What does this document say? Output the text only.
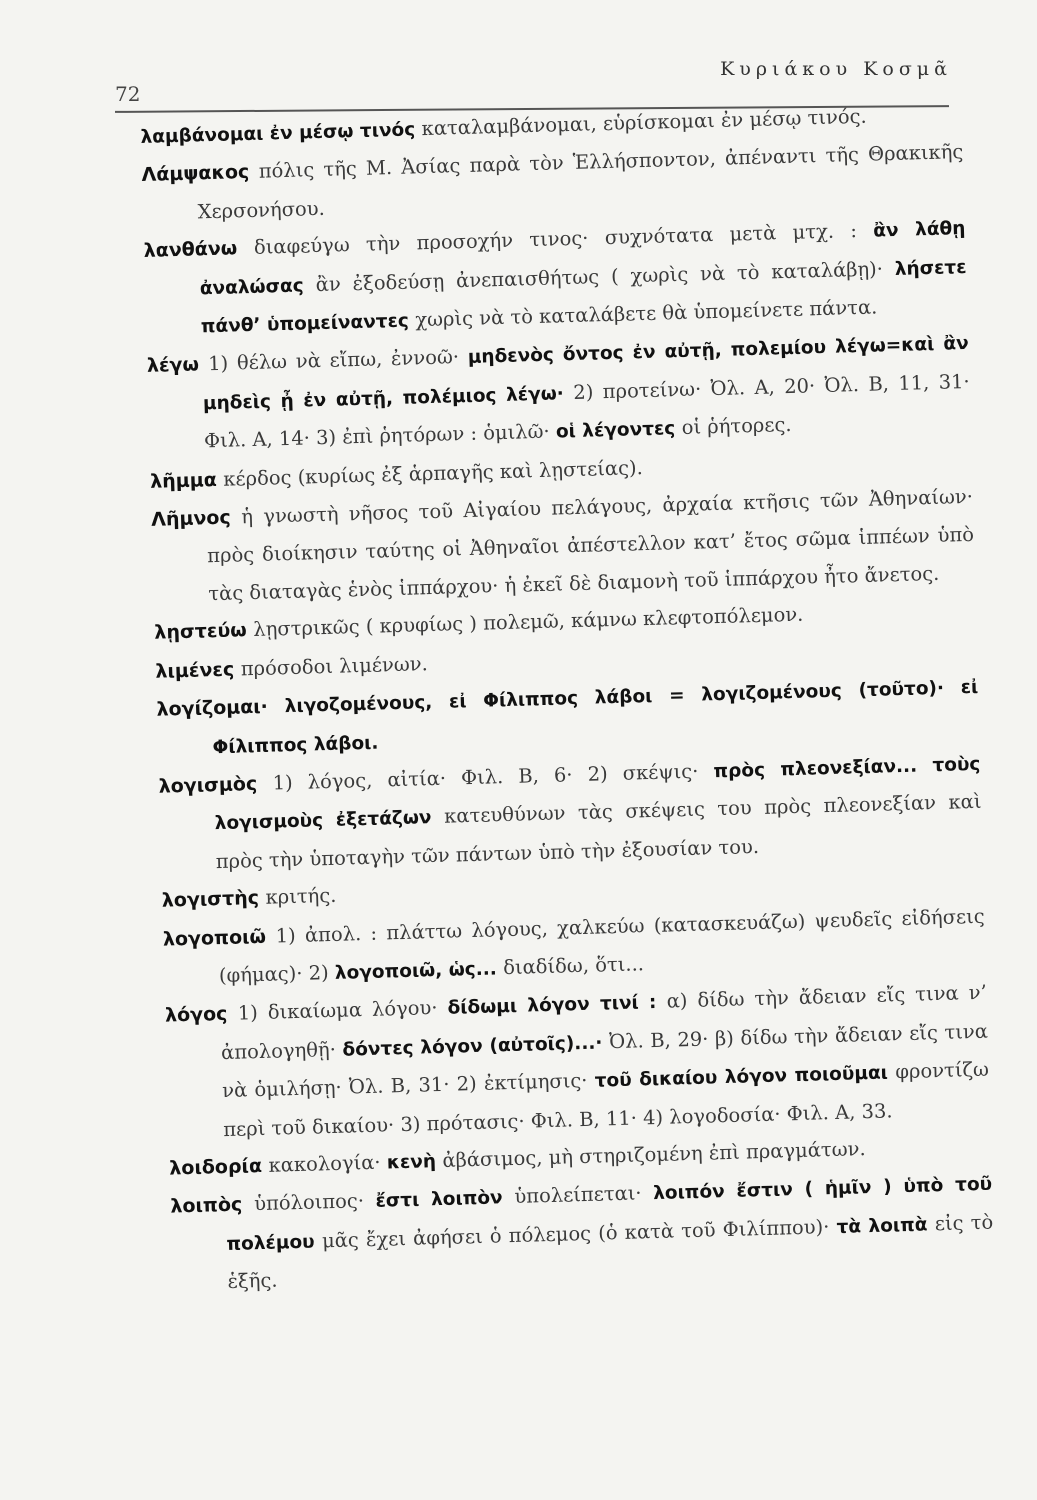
72
Κυριάκου Κοσμᾶ

λαμβάνομαι ἐν μέσῳ τινός καταλαμβάνομαι, εὑρίσκομαι ἐν μέσῳ τινός.

Λάμψακος πόλις τῆς Μ. Ἀσίας παρὰ τὸν Ἑλλήσποντον, ἀπέναντι τῆς Θρακικῆς Χερσονήσου.

λανθάνω διαφεύγω τὴν προσοχήν τινος· συχνότατα μετὰ μτχ. : ἂν λάθῃ ἀναλώσας ἂν ἐξοδεύσῃ ἀνεπαισθήτως ( χωρὶς νὰ τὸ καταλάβῃ)· λήσετε πάνθ’ ὑπομείναντες χωρὶς νὰ τὸ καταλάβετε θὰ ὑπομείνετε πάντα.

λέγω 1) θέλω νὰ εἴπω, ἐννοῶ· μηδενὸς ὄντος ἐν αὐτῇ, πολεμίου λέγω=καὶ ἂν μηδεὶς ᾖ ἐν αὐτῇ, πολέμιος λέγω· 2) προτείνω· Ὀλ. Α, 20· Ὀλ. Β, 11, 31· Φιλ. Α, 14· 3) ἐπὶ ῥητόρων : ὁμιλῶ· οἱ λέγοντες οἱ ῥήτορες.

λῆμμα κέρδος (κυρίως ἐξ ἁρπαγῆς καὶ λῃστείας).

Λῆμνος ἡ γνωστὴ νῆσος τοῦ Αἰγαίου πελάγους, ἀρχαία κτῆσις τῶν Ἀθηναίων· πρὸς διοίκησιν ταύτης οἱ Ἀθηναῖοι ἀπέστελλον κατ’ ἔτος σῶμα ἱππέων ὑπὸ τὰς διαταγὰς ἑνὸς ἱππάρχου· ἡ ἐκεῖ δὲ διαμονὴ τοῦ ἱππάρχου ἦτο ἄνετος.

λῃστεύω λῃστρικῶς ( κρυφίως ) πολεμῶ, κάμνω κλεφτοπόλεμον.

λιμένες πρόσοδοι λιμένων.

λογίζομαι· λιγοζομένους, εἰ Φίλιππος λάβοι = λογιζομένους (τοῦτο)· εἰ Φίλιππος λάβοι.

λογισμὸς 1) λόγος, αἰτία· Φιλ. Β, 6· 2) σκέψις· πρὸς πλεονεξίαν... τοὺς λογισμοὺς ἐξετάζων κατευθύνων τὰς σκέψεις του πρὸς πλεονεξίαν καὶ πρὸς τὴν ὑποταγὴν τῶν πάντων ὑπὸ τὴν ἐξουσίαν του.

λογιστὴς κριτής.

λογοποιῶ 1) ἀπολ. : πλάττω λόγους, χαλκεύω (κατασκευάζω) ψευδεῖς εἰδήσεις (φήμας)· 2) λογοποιῶ, ὡς... διαδίδω, ὅτι...

λόγος 1) δικαίωμα λόγου· δίδωμι λόγον τινί : α) δίδω τὴν ἄδειαν εἴς τινα ν’ ἀπολογηθῇ· δόντες λόγον (αὐτοῖς)...· Ὀλ. Β, 29· β) δίδω τὴν ἄδειαν εἴς τινα νὰ ὁμιλήσῃ· Ὀλ. Β, 31· 2) ἐκτίμησις· τοῦ δικαίου λόγον ποιοῦμαι φροντίζω περὶ τοῦ δικαίου· 3) πρότασις· Φιλ. Β, 11· 4) λογοδοσία· Φιλ. Α, 33.

λοιδορία κακολογία· κενὴ ἀβάσιμος, μὴ στηριζομένη ἐπὶ πραγμάτων.

λοιπὸς ὑπόλοιπος· ἔστι λοιπὸν ὑπολείπεται· λοιπόν ἔστιν ( ἡμῖν ) ὑπὸ τοῦ πολέμου μᾶς ἔχει ἀφήσει ὁ πόλεμος (ὁ κατὰ τοῦ Φιλίππου)· τὰ λοιπὰ εἰς τὸ ἑξῆς.
